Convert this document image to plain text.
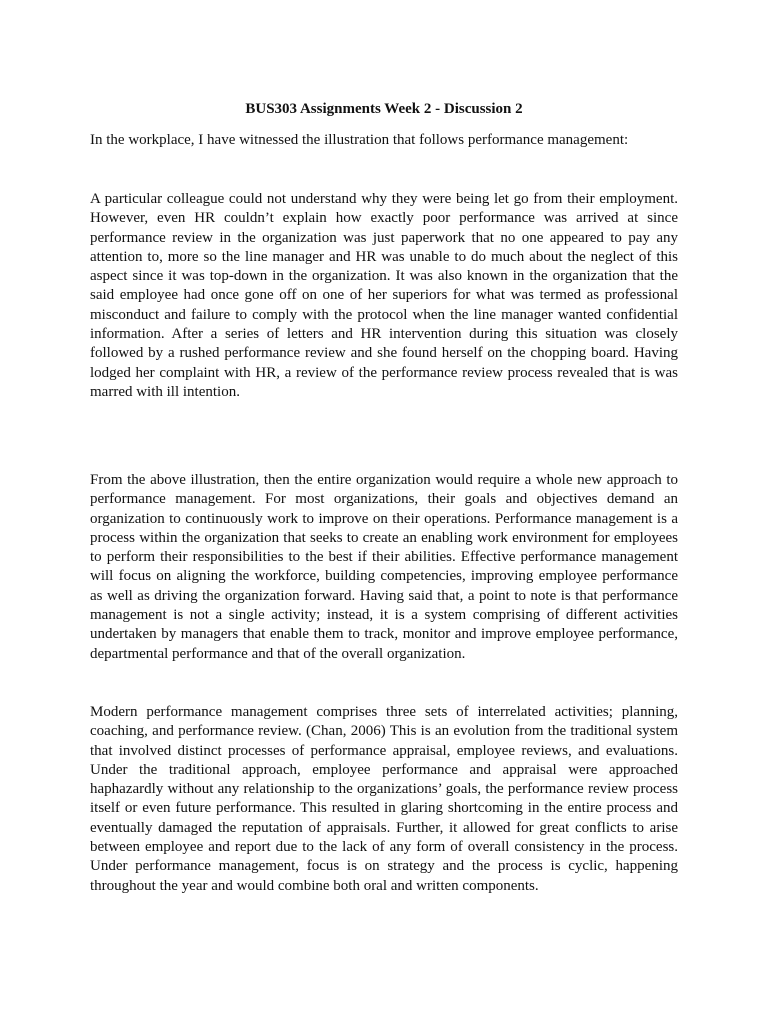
BUS303 Assignments Week 2 - Discussion 2

In the workplace, I have witnessed the illustration that follows performance management:

A particular colleague could not understand why they were being let go from their employment. However, even HR couldn’t explain how exactly poor performance was arrived at since performance review in the organization was just paperwork that no one appeared to pay any attention to, more so the line manager and HR was unable to do much about the neglect of this aspect since it was top-down in the organization. It was also known in the organization that the said employee had once gone off on one of her superiors for what was termed as professional misconduct and failure to comply with the protocol when the line manager wanted confidential information. After a series of letters and HR intervention during this situation was closely followed by a rushed performance review and she found herself on the chopping board. Having lodged her complaint with HR, a review of the performance review process revealed that is was marred with ill intention.

From the above illustration, then the entire organization would require a whole new approach to performance management. For most organizations, their goals and objectives demand an organization to continuously work to improve on their operations. Performance management is a process within the organization that seeks to create an enabling work environment for employees to perform their responsibilities to the best if their abilities. Effective performance management will focus on aligning the workforce, building competencies, improving employee performance as well as driving the organization forward. Having said that, a point to note is that performance management is not a single activity; instead, it is a system comprising of different activities undertaken by managers that enable them to track, monitor and improve employee performance, departmental performance and that of the overall organization.

Modern performance management comprises three sets of interrelated activities; planning, coaching, and performance review. (Chan, 2006) This is an evolution from the traditional system that involved distinct processes of performance appraisal, employee reviews, and evaluations. Under the traditional approach, employee performance and appraisal were approached haphazardly without any relationship to the organizations’ goals, the performance review process itself or even future performance. This resulted in glaring shortcoming in the entire process and eventually damaged the reputation of appraisals. Further, it allowed for great conflicts to arise between employee and report due to the lack of any form of overall consistency in the process. Under performance management, focus is on strategy and the process is cyclic, happening throughout the year and would combine both oral and written components.
